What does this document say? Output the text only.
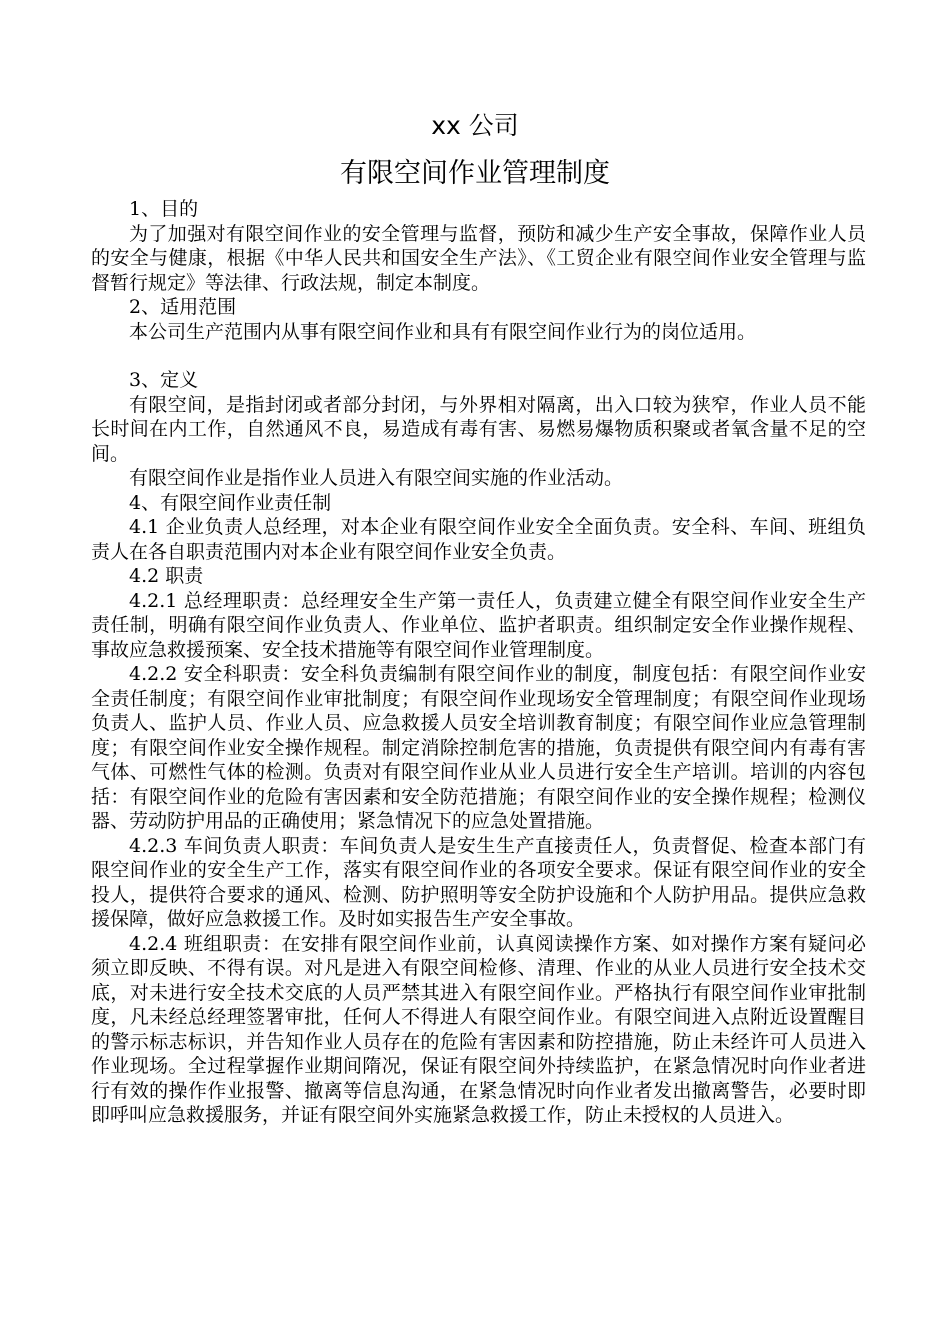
xx 公司
有限空间作业管理制度

1、目的

为了加强对有限空间作业的安全管理与监督，预防和减少生产安全事故，保障作业人员的安全与健康，根据《中华人民共和国安全生产法》、《工贸企业有限空间作业安全管理与监督暂行规定》等法律、行政法规，制定本制度。

2、适用范围

本公司生产范围内从事有限空间作业和具有有限空间作业行为的岗位适用。

3、定义

有限空间，是指封闭或者部分封闭，与外界相对隔离，出入口较为狭窄，作业人员不能长时间在内工作，自然通风不良，易造成有毒有害、易燃易爆物质积聚或者氧含量不足的空间。

有限空间作业是指作业人员进入有限空间实施的作业活动。

4、有限空间作业责任制

4.1 企业负责人总经理，对本企业有限空间作业安全全面负责。安全科、车间、班组负责人在各自职责范围内对本企业有限空间作业安全负责。

4.2 职责

4.2.1 总经理职责：总经理安全生产第一责任人，负责建立健全有限空间作业安全生产责任制，明确有限空间作业负责人、作业单位、监护者职责。组织制定安全作业操作规程、事故应急救援预案、安全技术措施等有限空间作业管理制度。

4.2.2 安全科职责：安全科负责编制有限空间作业的制度，制度包括：有限空间作业安全责任制度；有限空间作业审批制度；有限空间作业现场安全管理制度；有限空间作业现场负责人、监护人员、作业人员、应急救援人员安全培训教育制度；有限空间作业应急管理制度；有限空间作业安全操作规程。制定消除控制危害的措施，负责提供有限空间内有毒有害气体、可燃性气体的检测。负责对有限空间作业从业人员进行安全生产培训。培训的内容包括：有限空间作业的危险有害因素和安全防范措施；有限空间作业的安全操作规程；检测仪器、劳动防护用品的正确使用；紧急情况下的应急处置措施。

4.2.3 车间负责人职责：车间负责人是安生生产直接责任人，负责督促、检查本部门有限空间作业的安全生产工作，落实有限空间作业的各项安全要求。保证有限空间作业的安全投人，提供符合要求的通风、检测、防护照明等安全防护设施和个人防护用品。提供应急救援保障，做好应急救援工作。及时如实报告生产安全事故。

4.2.4 班组职责：在安排有限空间作业前，认真阅读操作方案、如对操作方案有疑问必须立即反映、不得有误。对凡是进入有限空间检修、清理、作业的从业人员进行安全技术交底，对未进行安全技术交底的人员严禁其进入有限空间作业。严格执行有限空间作业审批制度，凡未经总经理签署审批，任何人不得进人有限空间作业。有限空间进入点附近设置醒目的警示标志标识，并告知作业人员存在的危险有害因素和防控措施，防止未经许可人员进入作业现场。全过程掌握作业期间隋况，保证有限空间外持续监护，在紧急情况时向作业者进行有效的操作作业报警、撤离等信息沟通，在紧急情况时向作业者发出撤离警告，必要时即即呼叫应急救援服务，并证有限空间外实施紧急救援工作，防止未授权的人员进入。
